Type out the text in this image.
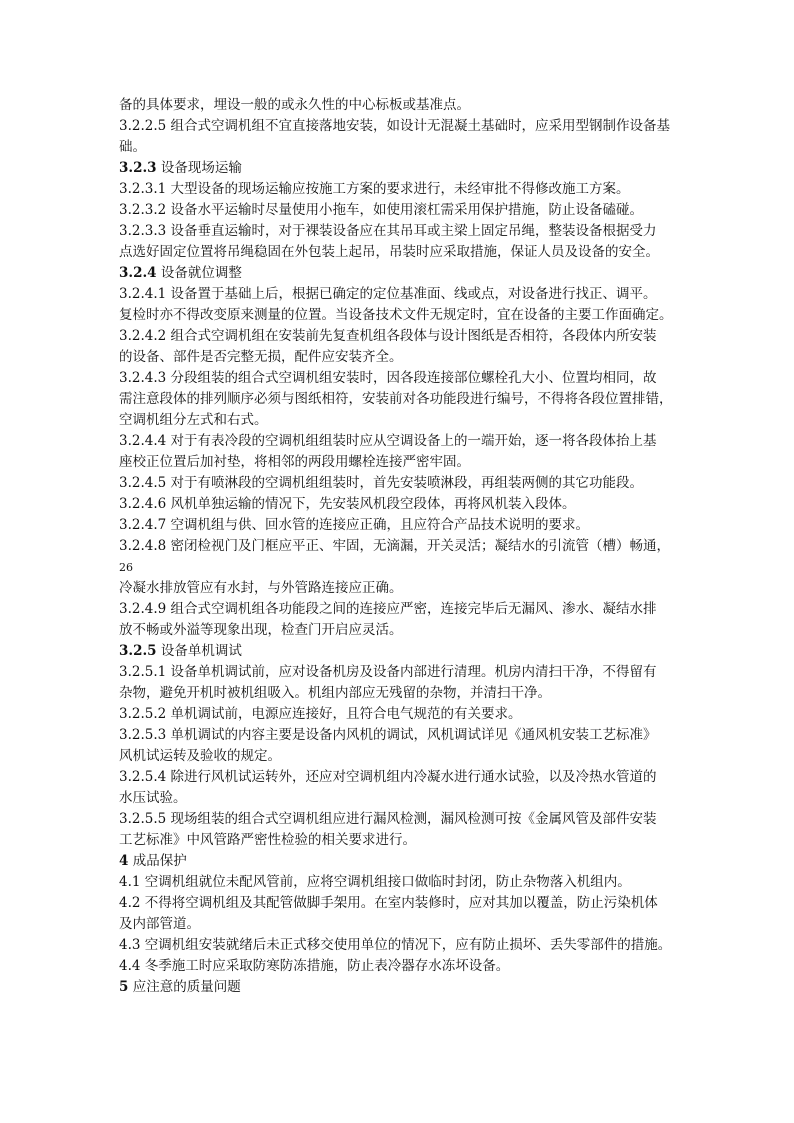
备的具体要求，埋设一般的或永久性的中心标板或基准点。
3.2.2.5 组合式空调机组不宜直接落地安装，如设计无混凝土基础时，应采用型钢制作设备基
础。
3.2.3 设备现场运输
3.2.3.1 大型设备的现场运输应按施工方案的要求进行，未经审批不得修改施工方案。
3.2.3.2 设备水平运输时尽量使用小拖车，如使用滚杠需采用保护措施，防止设备磕碰。
3.2.3.3 设备垂直运输时，对于裸装设备应在其吊耳或主梁上固定吊绳，整装设备根据受力
点选好固定位置将吊绳稳固在外包装上起吊，吊装时应采取措施，保证人员及设备的安全。
3.2.4 设备就位调整
3.2.4.1 设备置于基础上后，根据已确定的定位基准面、线或点，对设备进行找正、调平。
复检时亦不得改变原来测量的位置。当设备技术文件无规定时，宜在设备的主要工作面确定。
3.2.4.2 组合式空调机组在安装前先复查机组各段体与设计图纸是否相符，各段体内所安装
的设备、部件是否完整无损，配件应安装齐全。
3.2.4.3 分段组装的组合式空调机组安装时，因各段连接部位螺栓孔大小、位置均相同，故
需注意段体的排列顺序必须与图纸相符，安装前对各功能段进行编号，不得将各段位置排错，
空调机组分左式和右式。
3.2.4.4 对于有表冷段的空调机组组装时应从空调设备上的一端开始，逐一将各段体抬上基
座校正位置后加衬垫，将相邻的两段用螺栓连接严密牢固。
3.2.4.5 对于有喷淋段的空调机组组装时，首先安装喷淋段，再组装两侧的其它功能段。
3.2.4.6 风机单独运输的情况下，先安装风机段空段体，再将风机装入段体。
3.2.4.7 空调机组与供、回水管的连接应正确，且应符合产品技术说明的要求。
3.2.4.8 密闭检视门及门框应平正、牢固，无滴漏，开关灵活；凝结水的引流管（槽）畅通，
26
冷凝水排放管应有水封，与外管路连接应正确。
3.2.4.9 组合式空调机组各功能段之间的连接应严密，连接完毕后无漏风、渗水、凝结水排
放不畅或外溢等现象出现，检查门开启应灵活。
3.2.5 设备单机调试
3.2.5.1 设备单机调试前，应对设备机房及设备内部进行清理。机房内清扫干净，不得留有
杂物，避免开机时被机组吸入。机组内部应无残留的杂物，并清扫干净。
3.2.5.2 单机调试前，电源应连接好，且符合电气规范的有关要求。
3.2.5.3 单机调试的内容主要是设备内风机的调试，风机调试详见《通风机安装工艺标准》
风机试运转及验收的规定。
3.2.5.4 除进行风机试运转外，还应对空调机组内冷凝水进行通水试验，以及冷热水管道的
水压试验。
3.2.5.5 现场组装的组合式空调机组应进行漏风检测，漏风检测可按《金属风管及部件安装
工艺标准》中风管路严密性检验的相关要求进行。
4 成品保护
4.1 空调机组就位未配风管前，应将空调机组接口做临时封闭，防止杂物落入机组内。
4.2 不得将空调机组及其配管做脚手架用。在室内装修时，应对其加以覆盖，防止污染机体
及内部管道。
4.3 空调机组安装就绪后未正式移交使用单位的情况下，应有防止损坏、丢失零部件的措施。
4.4 冬季施工时应采取防寒防冻措施，防止表冷器存水冻坏设备。
5 应注意的质量问题
